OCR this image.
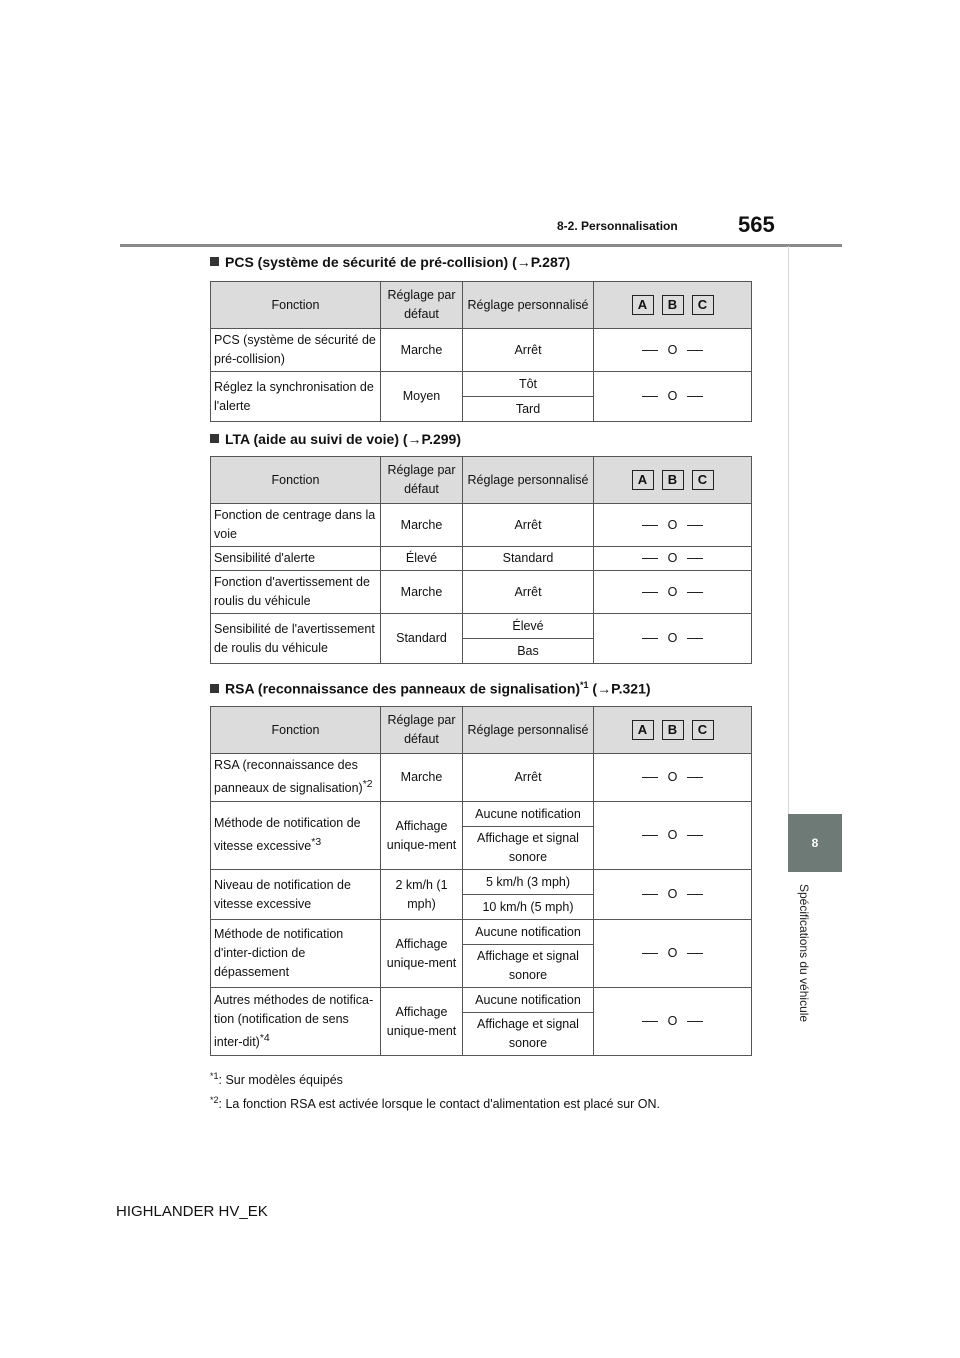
8-2. Personnalisation	565
8
Spécifications du véhicule
PCS (système de sécurité de pré-collision) (→P.287)
Fonction	Réglage par défaut	Réglage personnalisé	A B C

PCS (système de sécurité de pré-collision)	Marche	Arrêt	O

Réglez la synchronisation de l'alerte	Moyen	Tôt	O

		Tard	
LTA (aide au suivi de voie) (→P.299)
Fonction	Réglage par défaut	Réglage personnalisé	A B C

Fonction de centrage dans la voie	Marche	Arrêt	O

Sensibilité d'alerte	Élevé	Standard	O

Fonction d'avertissement de roulis du véhicule	Marche	Arrêt	O

Sensibilité de l'avertissement de roulis du véhicule	Standard	Élevé	O

		Bas	
RSA (reconnaissance des panneaux de signalisation)$^{*1}$ (→P.321)
Fonction	Réglage par défaut	Réglage personnalisé	A B C

RSA (reconnaissance des panneaux de signalisation)$^{*2}$	Marche	Arrêt	O

Méthode de notification de vitesse excessive$^{*3}$	Affichage unique-ment	Aucune notification	O

		Affichage et signal sonore	
Niveau de notification de vitesse excessive	2 km/h (1 mph)	5 km/h (3 mph)	O

		10 km/h (5 mph)	
Méthode de notification d'inter-diction de dépassement	Affichage unique-ment	Aucune notification	O

		Affichage et signal sonore	
Autres méthodes de notifica-tion (notification de sens inter-dit)$^{*4}$	Affichage unique-ment	Aucune notification	O

		Affichage et signal sonore	
$^{*1}$: Sur modèles équipés
$^{*2}$: La fonction RSA est activée lorsque le contact d'alimentation est placé sur ON.
HIGHLANDER HV_EK
